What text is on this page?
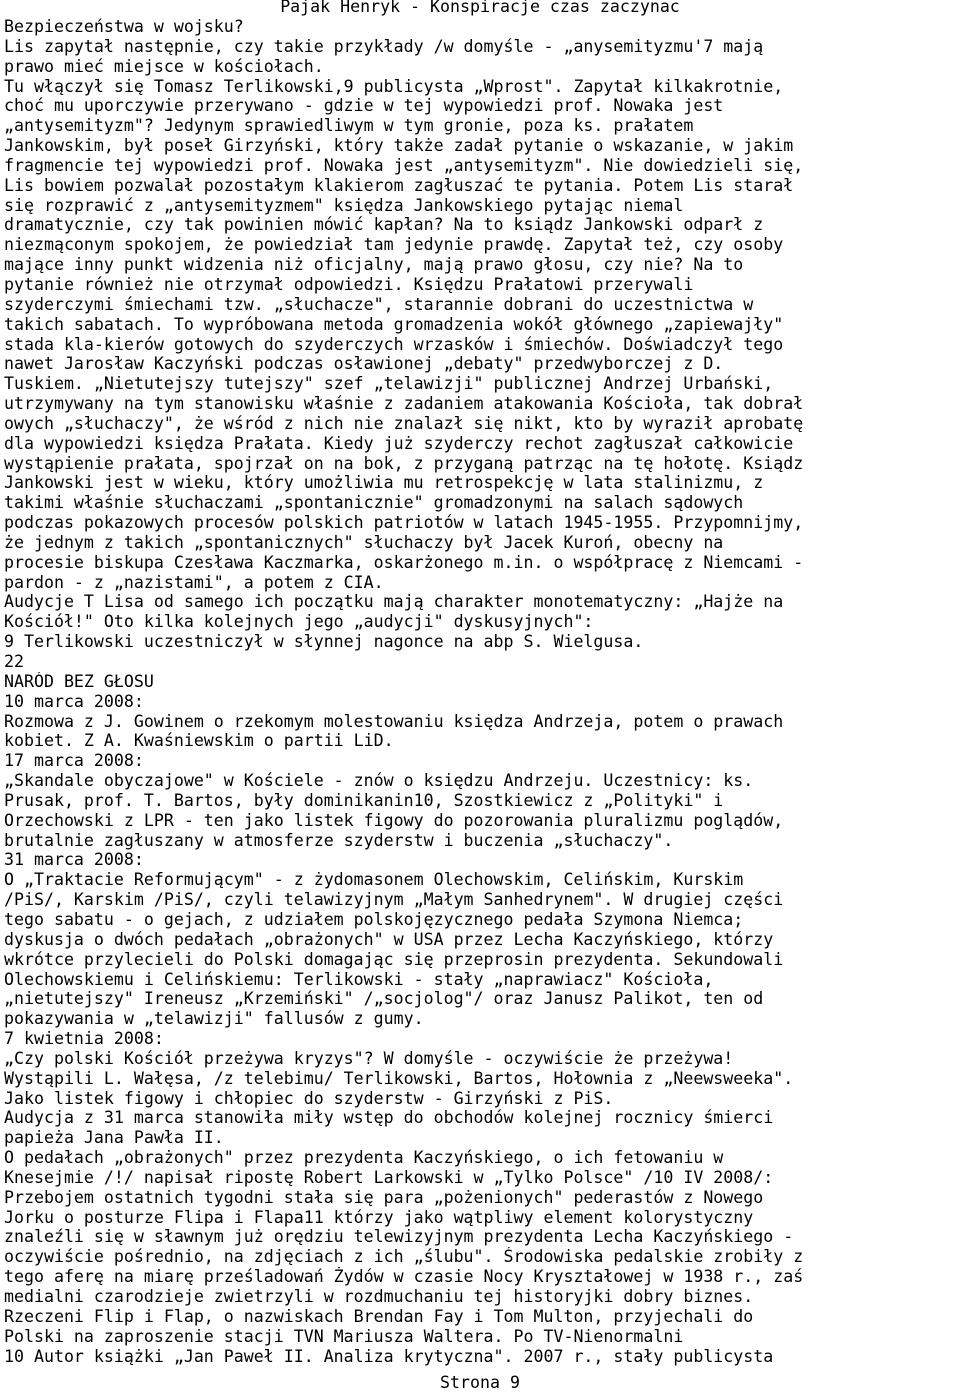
Pajak Henryk - Konspiracje czas zaczynac
Bezpieczeństwa w wojsku?
Lis zapytał następnie, czy takie przykłady /w domyśle - „anysemityzmu'7 mają
prawo mieć miejsce w kościołach.
Tu włączył się Tomasz Terlikowski,9 publicysta „Wprost". Zapytał kilkakrotnie,
choć mu uporczywie przerywano - gdzie w tej wypowiedzi prof. Nowaka jest
„antysemityzm"? Jedynym sprawiedliwym w tym gronie, poza ks. prałatem
Jankowskim, był poseł Girzyński, który także zadał pytanie o wskazanie, w jakim
fragmencie tej wypowiedzi prof. Nowaka jest „antysemityzm". Nie dowiedzieli się,
Lis bowiem pozwalał pozostałym klakierom zagłuszać te pytania. Potem Lis starał
się rozprawić z „antysemityzmem" księdza Jankowskiego pytając niemal
dramatycznie, czy tak powinien mówić kapłan? Na to ksiądz Jankowski odparł z
niezmąconym spokojem, że powiedział tam jedynie prawdę. Zapytał też, czy osoby
mające inny punkt widzenia niż oficjalny, mają prawo głosu, czy nie? Na to
pytanie również nie otrzymał odpowiedzi. Księdzu Prałatowi przerywali
szyderczymi śmiechami tzw. „słuchacze", starannie dobrani do uczestnictwa w
takich sabatach. To wypróbowana metoda gromadzenia wokół głównego „zapiewajły"
stada kla-kierów gotowych do szyderczych wrzasków i śmiechów. Doświadczył tego
nawet Jarosław Kaczyński podczas osławionej „debaty" przedwyborczej z D.
Tuskiem. „Nietutejszy tutejszy" szef „telawizji" publicznej Andrzej Urbański,
utrzymywany na tym stanowisku właśnie z zadaniem atakowania Kościoła, tak dobrał
owych „słuchaczy", że wśród z nich nie znalazł się nikt, kto by wyraził aprobatę
dla wypowiedzi księdza Prałata. Kiedy już szyderczy rechot zagłuszał całkowicie
wystąpienie prałata, spojrzał on na bok, z przyganą patrząc na tę hołotę. Ksiądz
Jankowski jest w wieku, który umożliwia mu retrospekcję w lata stalinizmu, z
takimi właśnie słuchaczami „spontanicznie" gromadzonymi na salach sądowych
podczas pokazowych procesów polskich patriotów w latach 1945-1955. Przypomnijmy,
że jednym z takich „spontanicznych" słuchaczy był Jacek Kuroń, obecny na
procesie biskupa Czesława Kaczmarka, oskarżonego m.in. o współpracę z Niemcami -
pardon - z „nazistami", a potem z CIA.
Audycje T Lisa od samego ich początku mają charakter monotematyczny: „Hajże na
Kościół!" Oto kilka kolejnych jego „audycji" dyskusyjnych":
9 Terlikowski uczestniczył w słynnej nagonce na abp S. Wielgusa.
22
NARÓD BEZ GŁOSU
10 marca 2008:
Rozmowa z J. Gowinem o rzekomym molestowaniu księdza Andrzeja, potem o prawach
kobiet. Z A. Kwaśniewskim o partii LiD.
17 marca 2008:
„Skandale obyczajowe" w Kościele - znów o księdzu Andrzeju. Uczestnicy: ks.
Prusak, prof. T. Bartos, były dominikanin10, Szostkiewicz z „Polityki" i
Orzechowski z LPR - ten jako listek figowy do pozorowania pluralizmu poglądów,
brutalnie zagłuszany w atmosferze szyderstw i buczenia „słuchaczy".
31 marca 2008:
O „Traktacie Reformującym" - z żydomasonem Olechowskim, Celińskim, Kurskim
/PiS/, Karskim /PiS/, czyli telawizyjnym „Małym Sanhedrynem". W drugiej części
tego sabatu - o gejach, z udziałem polskojęzycznego pedała Szymona Niemca;
dyskusja o dwóch pedałach „obrażonych" w USA przez Lecha Kaczyńskiego, którzy
wkrótce przylecieli do Polski domagając się przeprosin prezydenta. Sekundowali
Olechowskiemu i Celińskiemu: Terlikowski - stały „naprawiacz" Kościoła,
„nietutejszy" Ireneusz „Krzemiński" /„socjolog"/ oraz Janusz Palikot, ten od
pokazywania w „telawizji" fallusów z gumy.
7 kwietnia 2008:
„Czy polski Kościół przeżywa kryzys"? W domyśle - oczywiście że przeżywa!
Wystąpili L. Wałęsa, /z telebimu/ Terlikowski, Bartos, Hołownia z „Neewsweeka".
Jako listek figowy i chłopiec do szyderstw - Girzyński z PiS.
Audycja z 31 marca stanowiła miły wstęp do obchodów kolejnej rocznicy śmierci
papieża Jana Pawła II.
O pedałach „obrażonych" przez prezydenta Kaczyńskiego, o ich fetowaniu w
Knesejmie /!/ napisał ripostę Robert Larkowski w „Tylko Polsce" /10 IV 2008/:
Przebojem ostatnich tygodni stała się para „pożenionych" pederastów z Nowego
Jorku o posturze Flipa i Flapa11 którzy jako wątpliwy element kolorystyczny
znaleźli się w sławnym już orędziu telewizyjnym prezydenta Lecha Kaczyńskiego -
oczywiście pośrednio, na zdjęciach z ich „ślubu". Środowiska pedalskie zrobiły z
tego aferę na miarę prześladowań Żydów w czasie Nocy Kryształowej w 1938 r., zaś
medialni czarodzieje zwietrzyli w rozdmuchaniu tej historyjki dobry biznes.
Rzeczeni Flip i Flap, o nazwiskach Brendan Fay i Tom Multon, przyjechali do
Polski na zaproszenie stacji TVN Mariusza Waltera. Po TV-Nienormalni
10 Autor książki „Jan Paweł II. Analiza krytyczna". 2007 r., stały publicysta
Strona 9
